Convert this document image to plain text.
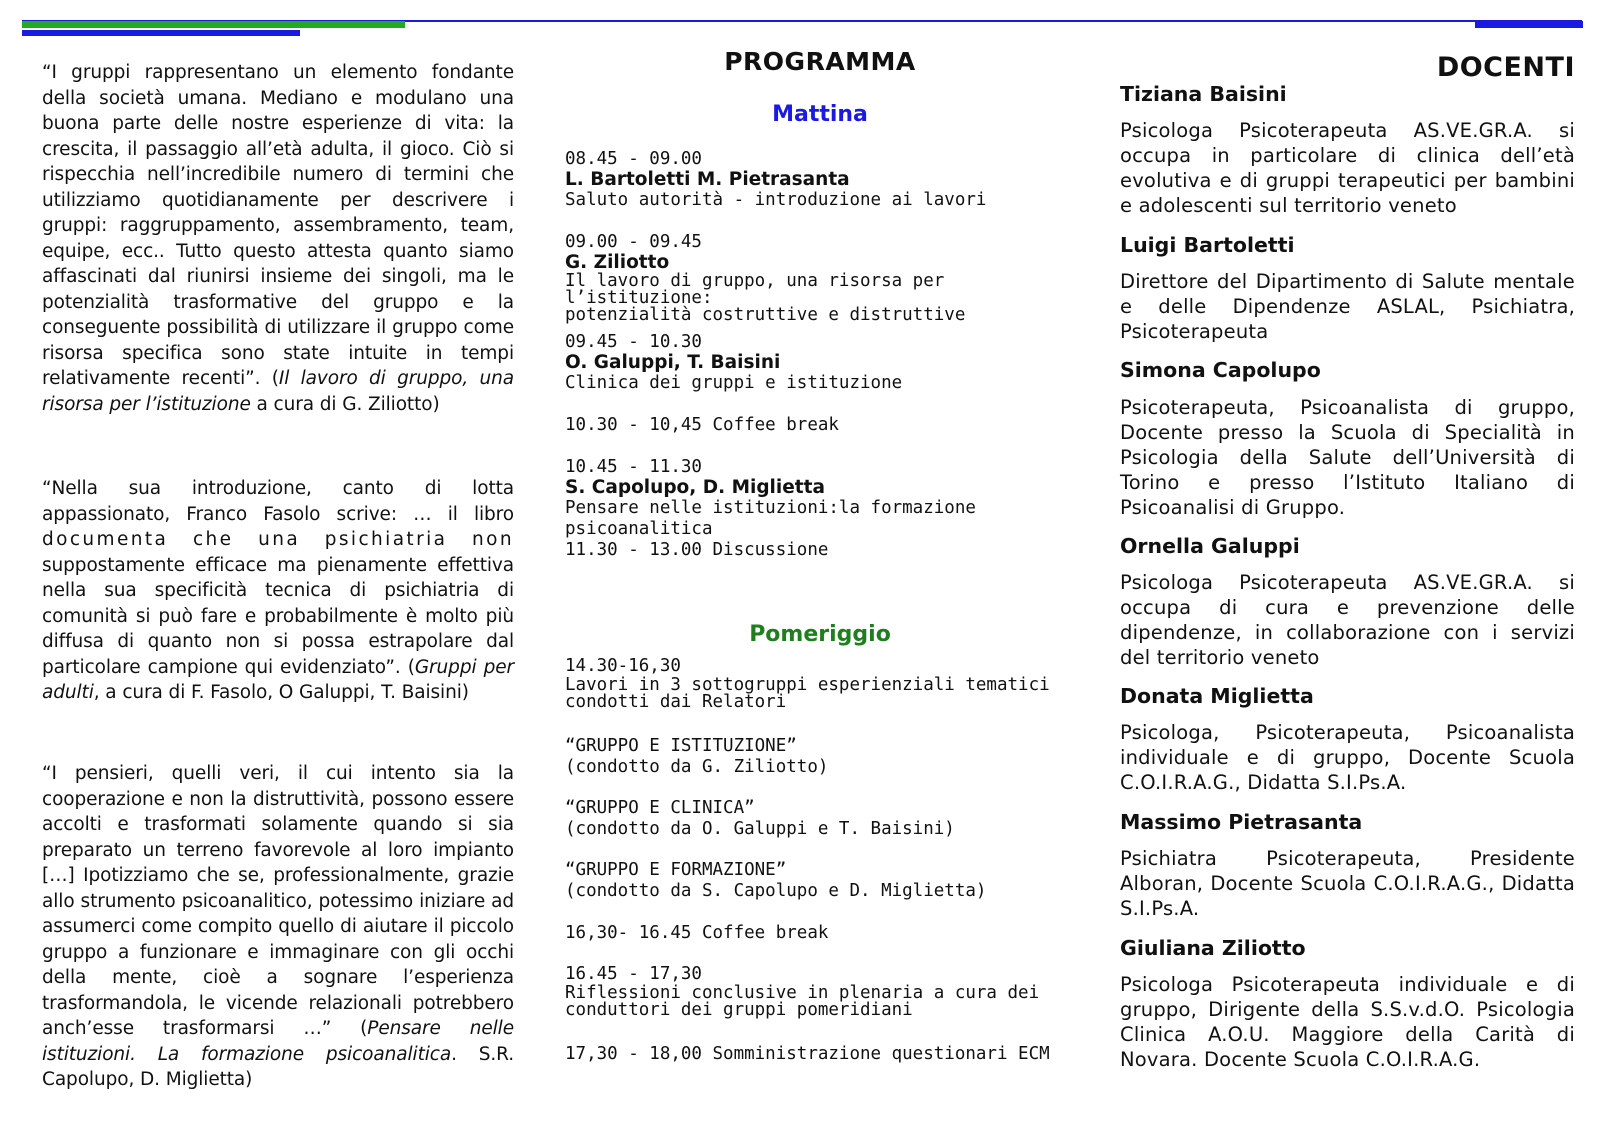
“I gruppi rappresentano un elemento fondante della società umana. Mediano e modulano una buona parte delle nostre esperienze di vita: la crescita, il passaggio all’età adulta, il gioco. Ciò si rispecchia nell’incredibile numero di termini che utilizziamo quotidianamente per descrivere i gruppi: raggruppamento, assembramento, team, equipe, ecc.. Tutto questo attesta quanto siamo affascinati dal riunirsi insieme dei singoli, ma le potenzialità trasformative del gruppo e la conseguente possibilità di utilizzare il gruppo come risorsa specifica sono state intuite in tempi relativamente recenti”. (Il lavoro di gruppo, una risorsa per l’istituzione a cura di G. Ziliotto)

“Nella sua introduzione, canto di lotta appassionato, Franco Fasolo scrive: … il libro documenta che una psichiatria non suppostamente efficace ma pienamente effettiva nella sua specificità tecnica di psichiatria di comunità si può fare e probabilmente è molto più diffusa di quanto non si possa estrapolare dal particolare campione qui evidenziato”. (Gruppi per adulti, a cura di F. Fasolo, O Galuppi, T. Baisini)

“I pensieri, quelli veri, il cui intento sia la cooperazione e non la distruttività, possono essere accolti e trasformati solamente quando si sia preparato un terreno favorevole al loro impianto […] Ipotizziamo che se, professionalmente, grazie allo strumento psicoanalitico, potessimo iniziare ad assumerci come compito quello di aiutare il piccolo gruppo a funzionare e immaginare con gli occhi della mente, cioè a sognare l’esperienza trasformandola, le vicende relazionali potrebbero anch’esse trasformarsi …” (Pensare nelle istituzioni. La formazione psicoanalitica. S.R. Capolupo, D. Miglietta)

PROGRAMMA
Mattina
08.45 - 09.00
L. Bartoletti M. Pietrasanta
Saluto autorità - introduzione ai lavori
09.00 - 09.45
G. Ziliotto
Il lavoro di gruppo, una risorsa per l’istituzione:
potenzialità costruttive e distruttive
09.45 - 10.30
O. Galuppi, T. Baisini
Clinica dei gruppi e istituzione
10.30 - 10,45 Coffee break
10.45 - 11.30
S. Capolupo, D. Miglietta
Pensare nelle istituzioni:la formazione psicoanalitica
11.30 - 13.00 Discussione
Pomeriggio
14.30-16,30
Lavori in 3 sottogruppi esperienziali tematici
condotti dai Relatori
“GRUPPO E ISTITUZIONE”
(condotto da G. Ziliotto)
“GRUPPO E CLINICA”
(condotto da O. Galuppi e T. Baisini)
“GRUPPO E FORMAZIONE”
(condotto da S. Capolupo e D. Miglietta)
16,30- 16.45 Coffee break
16.45 - 17,30
Riflessioni conclusive in plenaria a cura dei
conduttori dei gruppi pomeridiani
17,30 - 18,00 Somministrazione questionari ECM
DOCENTI
Tiziana Baisini
Psicologa Psicoterapeuta AS.VE.GR.A. si occupa in particolare di clinica dell’età evolutiva e di gruppi terapeutici per bambini e adolescenti sul territorio veneto
Luigi Bartoletti
Direttore del Dipartimento di Salute mentale e delle Dipendenze ASLAL, Psichiatra, Psicoterapeuta
Simona Capolupo
Psicoterapeuta, Psicoanalista di gruppo, Docente presso la Scuola di Specialità in Psicologia della Salute dell’Università di Torino e presso l’Istituto Italiano di Psicoanalisi di Gruppo.
Ornella Galuppi
Psicologa Psicoterapeuta AS.VE.GR.A. si occupa di cura e prevenzione delle dipendenze, in collaborazione con i servizi del territorio veneto
Donata Miglietta
Psicologa, Psicoterapeuta, Psicoanalista individuale e di gruppo, Docente Scuola C.O.I.R.A.G., Didatta S.I.Ps.A.
Massimo Pietrasanta
Psichiatra Psicoterapeuta, Presidente Alboran, Docente Scuola C.O.I.R.A.G., Didatta S.I.Ps.A.
Giuliana Ziliotto
Psicologa Psicoterapeuta individuale e di gruppo, Dirigente della S.S.v.d.O. Psicologia Clinica A.O.U. Maggiore della Carità di Novara. Docente Scuola C.O.I.R.A.G.
